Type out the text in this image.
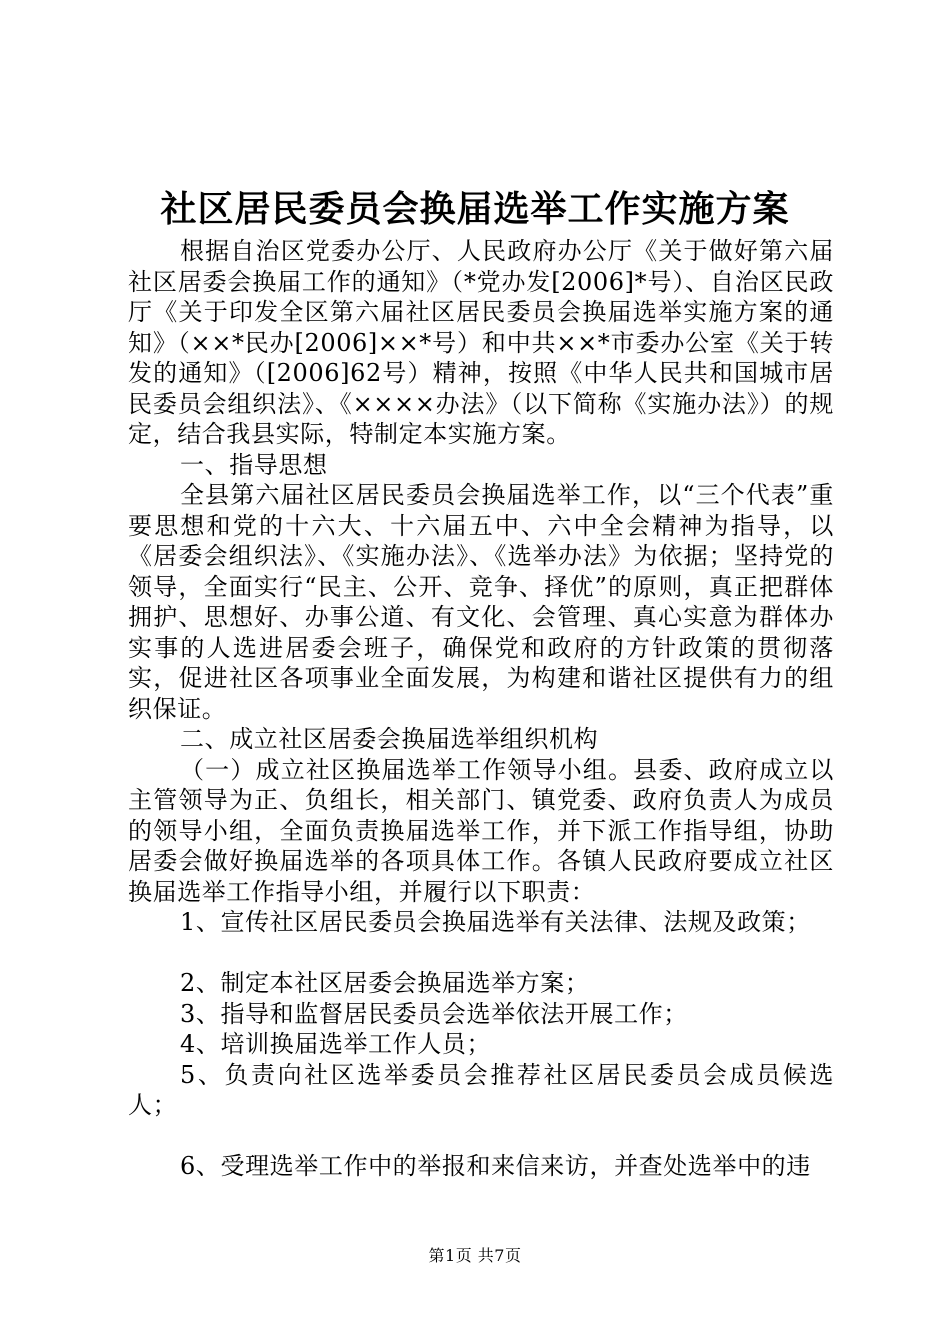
社区居民委员会换届选举工作实施方案

根据自治区党委办公厅、人民政府办公厅《关于做好第六届社区居委会换届工作的通知》（*党办发[2006]*号）、自治区民政厅《关于印发全区第六届社区居民委员会换届选举实施方案的通知》（××*民办[2006]××*号）和中共××*市委办公室《关于转发的通知》（[2006]62号）精神，按照《中华人民共和国城市居民委员会组织法》、《××××办法》（以下简称《实施办法》）的规定，结合我县实际，特制定本实施方案。

一、指导思想

全县第六届社区居民委员会换届选举工作，以“三个代表”重要思想和党的十六大、十六届五中、六中全会精神为指导，以《居委会组织法》、《实施办法》、《选举办法》为依据；坚持党的领导，全面实行“民主、公开、竞争、择优”的原则，真正把群体拥护、思想好、办事公道、有文化、会管理、真心实意为群体办实事的人选进居委会班子，确保党和政府的方针政策的贯彻落实，促进社区各项事业全面发展，为构建和谐社区提供有力的组织保证。

二、成立社区居委会换届选举组织机构

（一）成立社区换届选举工作领导小组。县委、政府成立以主管领导为正、负组长，相关部门、镇党委、政府负责人为成员的领导小组，全面负责换届选举工作，并下派工作指导组，协助居委会做好换届选举的各项具体工作。各镇人民政府要成立社区换届选举工作指导小组，并履行以下职责：

1、宣传社区居民委员会换届选举有关法律、法规及政策；

2、制定本社区居委会换届选举方案；

3、指导和监督居民委员会选举依法开展工作；

4、培训换届选举工作人员；

5、负责向社区选举委员会推荐社区居民委员会成员候选人；

6、受理选举工作中的举报和来信来访，并查处选举中的违

第1页 共7页
